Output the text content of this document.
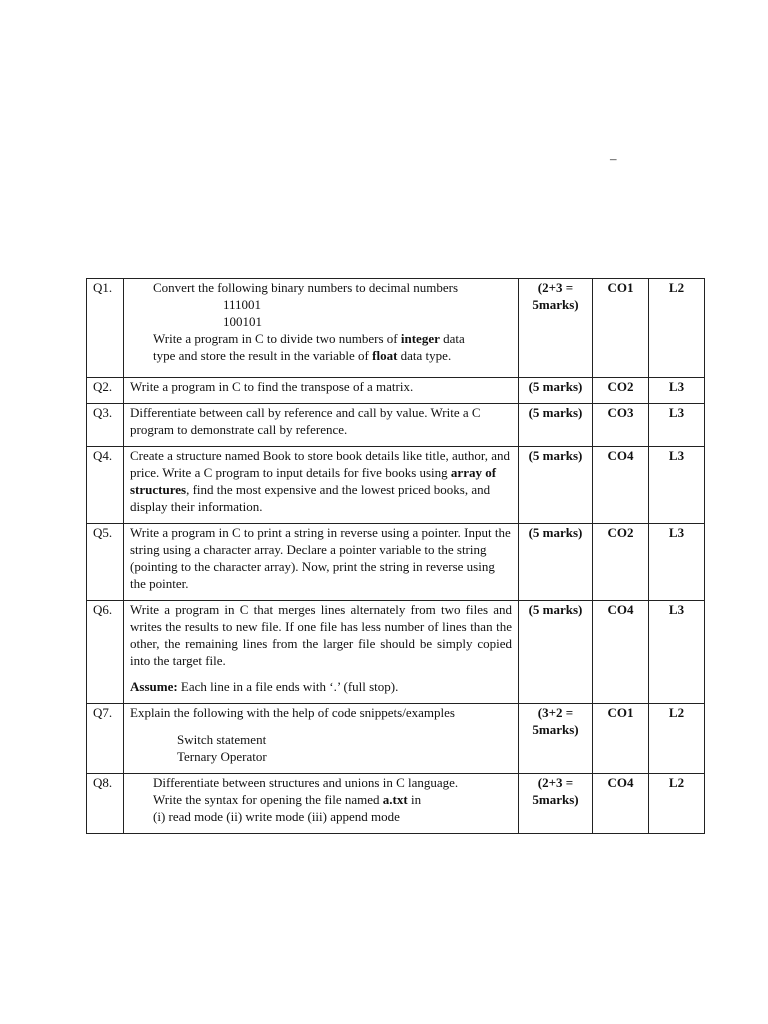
–
Q1.	Convert the following binary numbers to decimal numbers
111001
100101
Write a program in C to divide two numbers of integer data
type and store the result in the variable of float data type.	(2+3 = 5marks)	CO1	L2
Q2.	Write a program in C to find the transpose of a matrix.	(5 marks)	CO2	L3
Q3.	Differentiate between call by reference and call by value. Write a C program to demonstrate call by reference.	(5 marks)	CO3	L3
Q4.	Create a structure named Book to store book details like title, author, and price. Write a C program to input details for five books using array of structures, find the most expensive and the lowest priced books, and display their information.	(5 marks)	CO4	L3
Q5.	Write a program in C to print a string in reverse using a pointer. Input the string using a character array. Declare a pointer variable to the string (pointing to the character array). Now, print the string in reverse using the pointer.	(5 marks)	CO2	L3
Q6.	Write a program in C that merges lines alternately from two files and writes the results to new file. If one file has less number of lines than the other, the remaining lines from the larger file should be simply copied into the target file.
Assume: Each line in a file ends with ‘.’ (full stop).	(5 marks)	CO4	L3
Q7.	Explain the following with the help of code snippets/examples
Switch statement
Ternary Operator	(3+2 = 5marks)	CO1	L2
Q8.	Differentiate between structures and unions in C language.
Write the syntax for opening the file named a.txt in
(i) read mode (ii) write mode (iii) append mode	(2+3 = 5marks)	CO4	L2
